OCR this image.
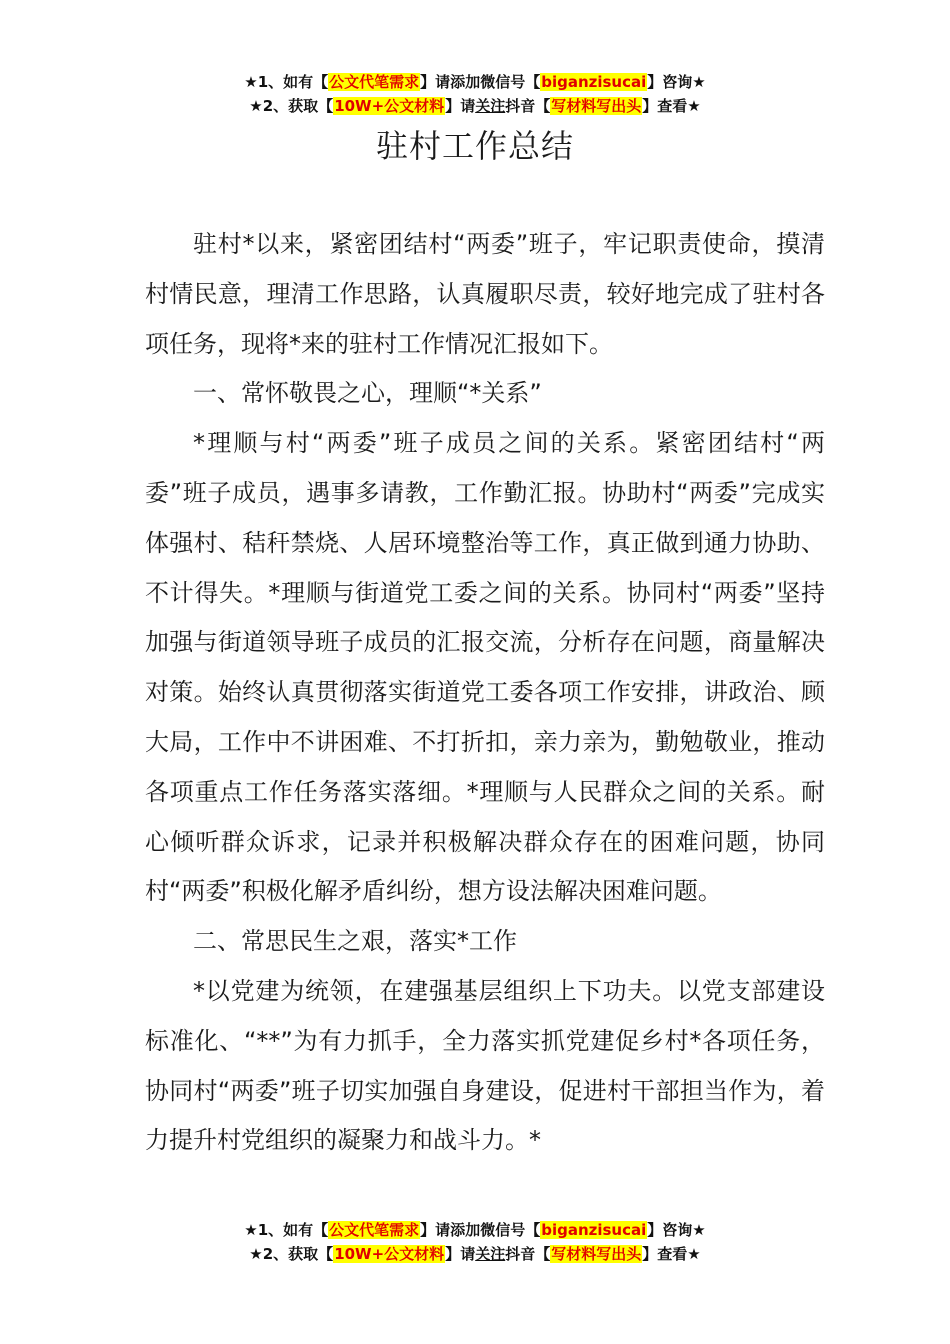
★1、如有【公文代笔需求】请添加微信号【biganzisucai】咨询★
★2、获取【10W+公文材料】请关注抖音【写材料写出头】查看★
驻村工作总结

驻村*以来，紧密团结村“两委”班子，牢记职责使命，摸清村情民意，理清工作思路，认真履职尽责，较好地完成了驻村各项任务，现将*来的驻村工作情况汇报如下。

一、常怀敬畏之心，理顺“*关系”

*理顺与村“两委”班子成员之间的关系。紧密团结村“两委”班子成员，遇事多请教，工作勤汇报。协助村“两委”完成实体强村、秸秆禁烧、人居环境整治等工作，真正做到通力协助、不计得失。*理顺与街道党工委之间的关系。协同村“两委”坚持加强与街道领导班子成员的汇报交流，分析存在问题，商量解决对策。始终认真贯彻落实街道党工委各项工作安排，讲政治、顾大局，工作中不讲困难、不打折扣，亲力亲为，勤勉敬业，推动各项重点工作任务落实落细。*理顺与人民群众之间的关系。耐心倾听群众诉求，记录并积极解决群众存在的困难问题，协同村“两委”积极化解矛盾纠纷，想方设法解决困难问题。

二、常思民生之艰，落实*工作

*以党建为统领，在建强基层组织上下功夫。以党支部建设标准化、“**”为有力抓手，全力落实抓党建促乡村*各项任务，协同村“两委”班子切实加强自身建设，促进村干部担当作为，着力提升村党组织的凝聚力和战斗力。*

★1、如有【公文代笔需求】请添加微信号【biganzisucai】咨询★
★2、获取【10W+公文材料】请关注抖音【写材料写出头】查看★
